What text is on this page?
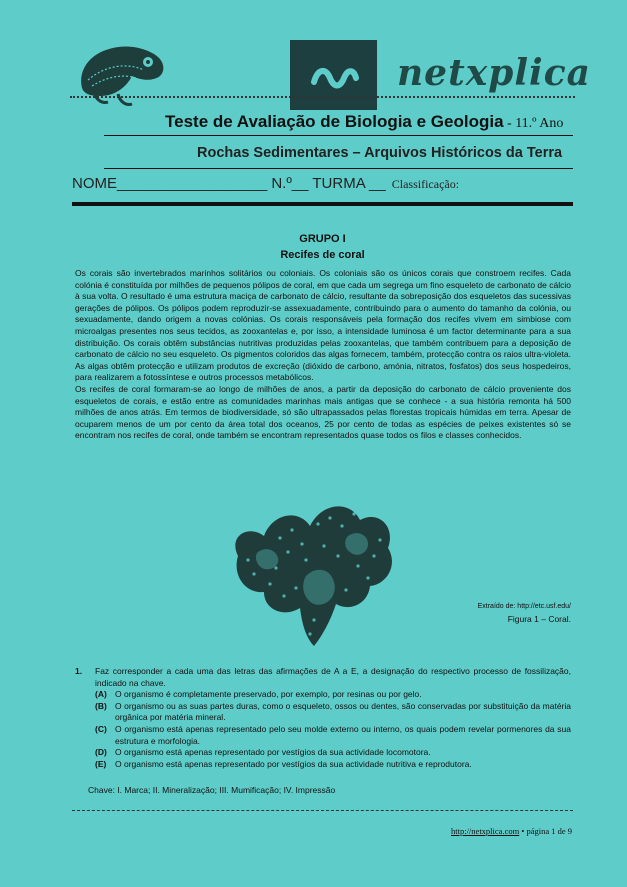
netxplica
Teste de Avaliação de Biologia e Geologia - 11.º Ano
Rochas Sedimentares – Arquivos Históricos da Terra
NOME__________________ N.º__ TURMA __ Classificação:
GRUPO I
Recifes de coral

Os corais são invertebrados marinhos solitários ou coloniais. Os coloniais são os únicos corais que constroem recifes. Cada colónia é constituída por milhões de pequenos pólipos de coral, em que cada um segrega um fino esqueleto de carbonato de cálcio à sua volta. O resultado é uma estrutura maciça de carbonato de cálcio, resultante da sobreposição dos esqueletos das sucessivas gerações de pólipos. Os pólipos podem reproduzir-se assexuadamente, contribuindo para o aumento do tamanho da colónia, ou sexuadamente, dando origem a novas colónias. Os corais responsáveis pela formação dos recifes vivem em simbiose com microalgas presentes nos seus tecidos, as zooxantelas e, por isso, a intensidade luminosa é um factor determinante para a sua distribuição. Os corais obtêm substâncias nutritivas produzidas pelas zooxantelas, que também contribuem para a deposição de carbonato de cálcio no seu esqueleto. Os pigmentos coloridos das algas fornecem, também, protecção contra os raios ultra-violeta. As algas obtêm protecção e utilizam produtos de excreção (dióxido de carbono, amónia, nitratos, fosfatos) dos seus hospedeiros, para realizarem a fotossíntese e outros processos metabólicos.

Os recifes de coral formaram-se ao longo de milhões de anos, a partir da deposição do carbonato de cálcio proveniente dos esqueletos de corais, e estão entre as comunidades marinhas mais antigas que se conhece - a sua história remonta há 500 milhões de anos atrás. Em termos de biodiversidade, só são ultrapassados pelas florestas tropicais húmidas em terra. Apesar de ocuparem menos de um por cento da área total dos oceanos, 25 por cento de todas as espécies de peixes existentes só se encontram nos recifes de coral, onde também se encontram representados quase todos os filos e classes conhecidos.

Extraído de: http://etc.usf.edu/
Figura 1 – Coral.
1. Faz corresponder a cada uma das letras das afirmações de A a E, a designação do respectivo processo de fossilização, indicado na chave.
(A) O organismo é completamente preservado, por exemplo, por resinas ou por gelo.
(B) O organismo ou as suas partes duras, como o esqueleto, ossos ou dentes, são conservadas por substituição da matéria orgânica por matéria mineral.
(C) O organismo está apenas representado pelo seu molde externo ou interno, os quais podem revelar pormenores da sua estrutura e morfologia.
(D) O organismo está apenas representado por vestígios da sua actividade locomotora.
(E)	O organismo está apenas representado por vestígios da sua actividade nutritiva e reprodutora.
Chave: I. Marca; II. Mineralização; III. Mumificação; IV. Impressão
http://netxplica.com • página 1 de 9
